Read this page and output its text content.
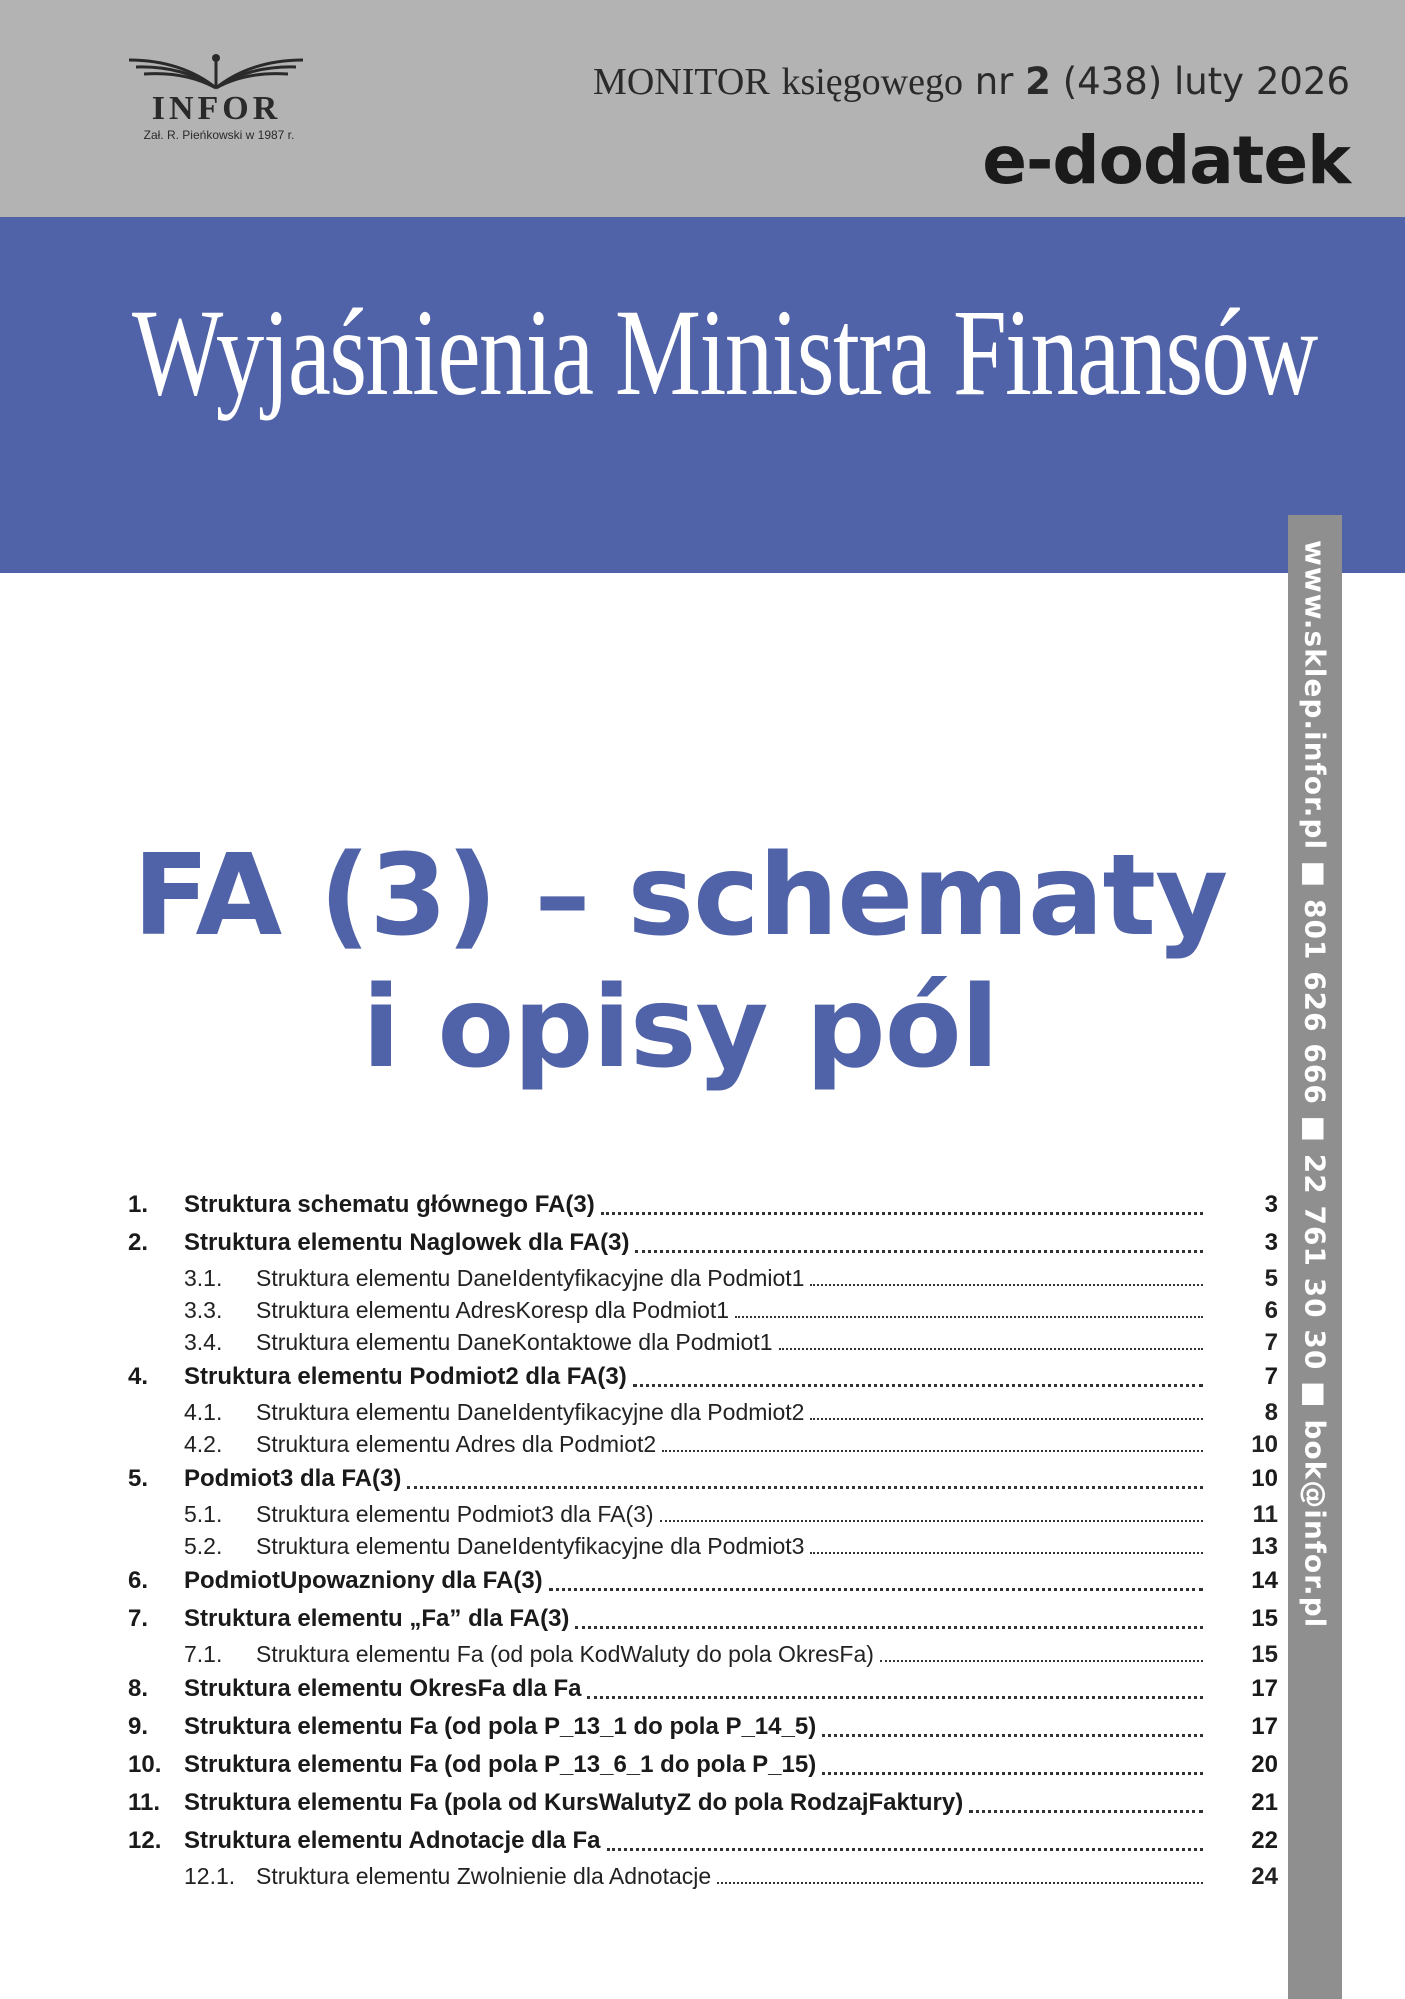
INFOR
Zał. R. Pieńkowski w 1987 r.
MONITOR księgowego nr 2 (438) luty 2026
e-dodatek
Wyjaśnienia Ministra Finansów
www.sklep.infor.pl ■ 801 626 666 ■ 22 761 30 30 ■ bok@infor.pl
FA (3) – schematy
i opisy pól
1.	Struktura schematu głównego FA(3)	3
2.	Struktura elementu Naglowek dla FA(3)	3
3.1.	Struktura elementu DaneIdentyfikacyjne dla Podmiot1	5
3.3.	Struktura elementu AdresKoresp dla Podmiot1	6
3.4.	Struktura elementu DaneKontaktowe dla Podmiot1	7
4.	Struktura elementu Podmiot2 dla FA(3)	7
4.1.	Struktura elementu DaneIdentyfikacyjne dla Podmiot2	8
4.2.	Struktura elementu Adres dla Podmiot2	10
5.	Podmiot3 dla FA(3)	10
5.1.	Struktura elementu Podmiot3 dla FA(3)	11
5.2.	Struktura elementu DaneIdentyfikacyjne dla Podmiot3	13
6.	PodmiotUpowazniony dla FA(3)	14
7.	Struktura elementu „Fa” dla FA(3)	15
7.1.	Struktura elementu Fa (od pola KodWaluty do pola OkresFa)	15
8.	Struktura elementu OkresFa dla Fa	17
9.	Struktura elementu Fa (od pola P_13_1 do pola P_14_5)	17
10. Struktura elementu Fa (od pola P_13_6_1 do pola P_15)	20
11. Struktura elementu Fa (pola od KursWalutyZ do pola RodzajFaktury)	21
12. Struktura elementu Adnotacje dla Fa	22
12.1. Struktura elementu Zwolnienie dla Adnotacje	24
